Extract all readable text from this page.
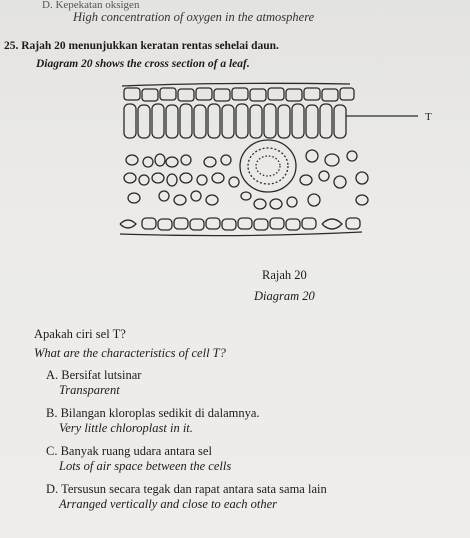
D. Kepekatan oksigen
High concentration of oxygen in the atmosphere
25. Rajah 20 menunjukkan keratan rentas sehelai daun.
Diagram 20 shows the cross section of a leaf.
T
Rajah 20
Diagram 20
Apakah ciri sel T?
What are the characteristics of cell T?
A. Bersifat lutsinar
Transparent
B. Bilangan kloroplas sedikit di dalamnya.
Very little chloroplast in it.
C. Banyak ruang udara antara sel
Lots of air space between the cells
D. Tersusun secara tegak dan rapat antara sata sama lain
Arranged vertically and close to each other
